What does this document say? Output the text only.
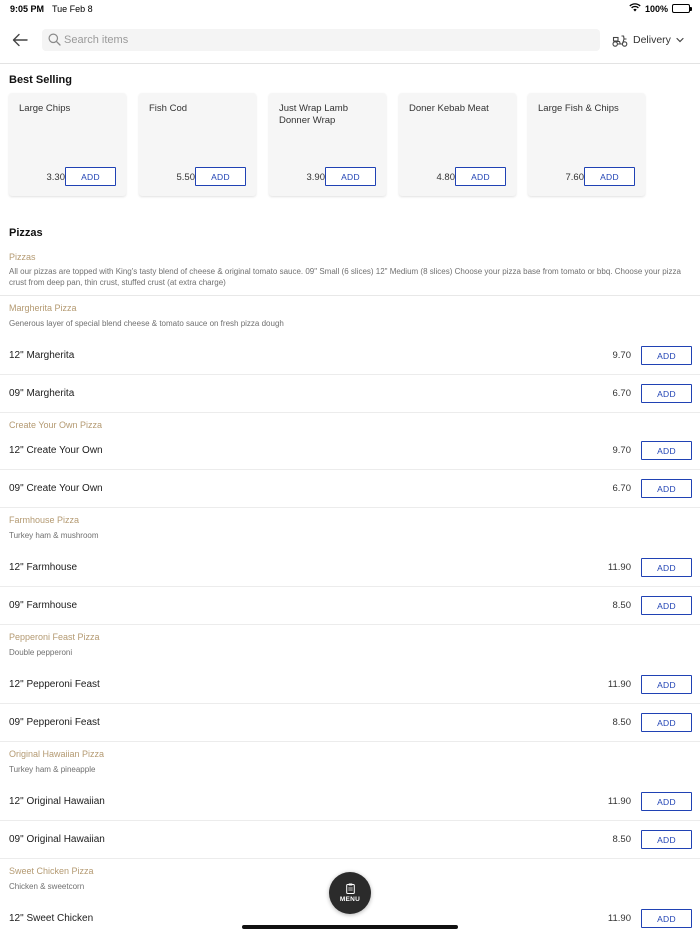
9:05 PM Tue Feb 8	100%
Search items
Delivery
Best Selling
Large Chips
3.30	ADD
Fish Cod
5.50	ADD
Just Wrap Lamb Donner Wrap
3.90	ADD
Doner Kebab Meat
4.80	ADD
Large Fish & Chips
7.60	ADD
Pizzas
Pizzas
All our pizzas are topped with King's tasty blend of cheese & original tomato sauce. 09" Small (6 slices) 12" Medium (8 slices) Choose your pizza base from tomato or bbq. Choose your pizza crust from deep pan, thin crust, stuffed crust (at extra charge)
Margherita Pizza
Generous layer of special blend cheese & tomato sauce on fresh pizza dough
12" Margherita	9.70	ADD
09" Margherita	6.70	ADD
Create Your Own Pizza
12" Create Your Own	9.70	ADD
09" Create Your Own	6.70	ADD
Farmhouse Pizza
Turkey ham & mushroom
12" Farmhouse	11.90	ADD
09" Farmhouse	8.50	ADD
Pepperoni Feast Pizza
Double pepperoni
12" Pepperoni Feast	11.90	ADD
09" Pepperoni Feast	8.50	ADD
Original Hawaiian Pizza
Turkey ham & pineapple
12" Original Hawaiian	11.90	ADD
09" Original Hawaiian	8.50	ADD
Sweet Chicken Pizza
Chicken & sweetcorn
12" Sweet Chicken	11.90	ADD
MENU
